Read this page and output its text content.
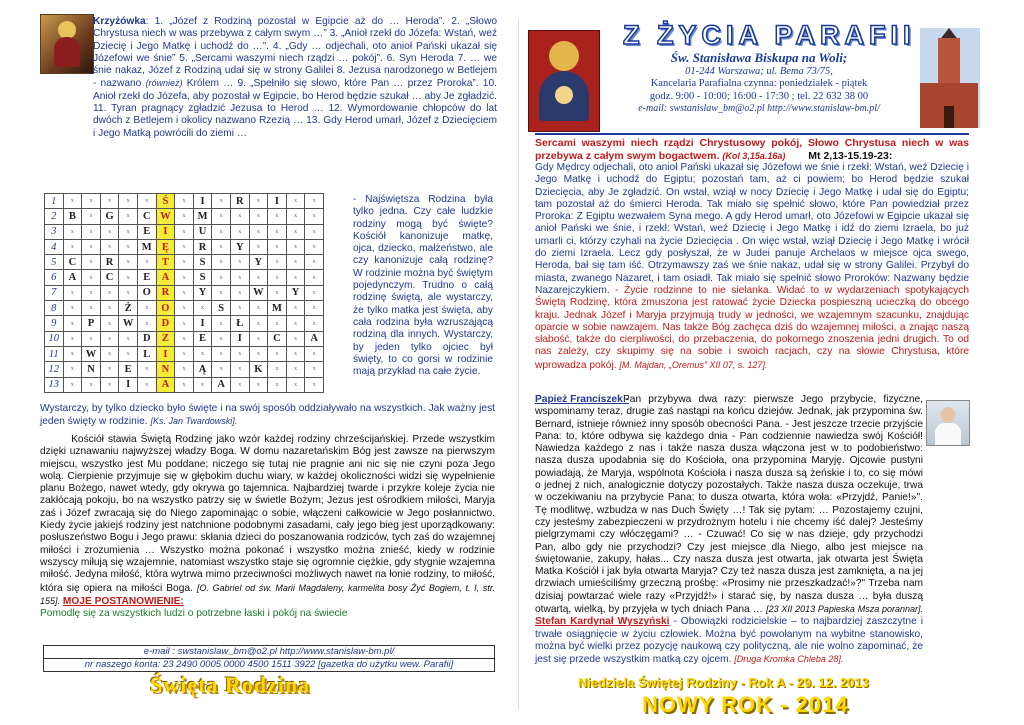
Krzyżówka: 1. „Józef z Rodziną pozostał w Egipcie aż do … Heroda”. 2. „Słowo Chrystusa niech w was przebywa z całym swym …” 3. „Anioł rzekł do Józefa: Wstań, weź Dziecię i Jego Matkę i uchodź do …”. 4. „Gdy … odjechali, oto anioł Pański ukazał się Józefowi we śnie” 5. „Sercami waszymi niech rządzi … pokój”. 6. Syn Heroda 7. … we śnie nakaz, Józef z Rodziną udał się w strony Galilei 8. Jezusa narodzonego w Betlejem - nazwano (również) Królem … 9. „Spełniło się słowo, które Pan … przez Proroka”. 10. Anioł rzekł do Józefa, aby pozostał w Egipcie, bo Herod będzie szukał … aby Je zgładzić. 11. Tyran pragnący zgładzić Jezusa to Herod … 12. Wymordowanie chłopców do lat dwóch z Betlejem i okolicy nazwano Rzezią … 13. Gdy Herod umarł, Józef z Dziecięciem i Jego Matką powrócili do ziemi …
1	x	x	x	x	x	Ś	x	I	x	R	x	I	x	x
2	B	x	G	x	C	W	x	M	x	x	x	x	x	x
3	x	x	x	x	E	I	x	U	x	x	x	x	x	x
4	x	x	x	x	M	Ę	x	R	x	Y	x	x	x	x
5	C	x	R	x	x	T	x	S	x	x	Y	x	x	x
6	A	x	C	x	E	A	x	S	x	x	x	x	x	x
7	x	x	x	x	O	R	x	Y	x	x	W	x	Y	x
8	x	x	x	Ż	x	O	x	x	S	x	x	M	x	x
9	x	P	x	W	x	D	x	I	x	Ł	x	x	x	x
10	x	x	x	x	D	Z	x	E	x	I	x	C	x	A
11	x	W	x	x	L	I	x	x	x	x	x	x	x	x
12	x	N	x	E	x	N	x	Ą	x	x	K	x	x	x
13	x	x	x	I	x	A	x	x	A	x	x	x	x	x
- Najświętsza Rodzina była tylko jedna. Czy całe ludzkie rodziny mogą być święte? Kościół kanonizuje matkę, ojca, dziecko, małżeństwo, ale czy kanonizuje całą rodzinę? W rodzinie można być świętym pojedynczym. Trudno o całą rodzinę świętą, ale wystarczy, że tylko matka jest święta, aby cała rodzina była wzruszającą rodziną dla innych. Wystarczy, by jeden tylko ojciec był święty, to co gorsi w rodzinie mają przykład na całe życie.
Wystarczy, by tylko dziecko było święte i na swój sposób oddziaływało na wszystkich. Jak ważny jest jeden święty w rodzinie. [Ks. Jan Twardowski].
Kościół stawia Świętą Rodzinę jako wzór każdej rodziny chrześcijańskiej. Przede wszystkim dzięki uznawaniu najwyższej władzy Boga. W domu nazaretańskim Bóg jest zawsze na pierwszym miejscu, wszystko jest Mu poddane; niczego się tutaj nie pragnie ani nic się nie czyni poza Jego wolą. Cierpienie przyjmuje się w głębokim duchu wiary, w każdej okoliczności widzi się wypełnienie planu Bożego, nawet wtedy, gdy okrywa go tajemnica. Najbardziej twarde i przykre koleje życia nie zakłócają pokoju, bo na wszystko patrzy się w świetle Bożym; Jezus jest ośrodkiem miłości, Maryja zaś i Józef zwracają się do Niego zapominając o sobie, włączeni całkowicie w Jego posłannictwo. Kiedy życie jakiejś rodziny jest natchnione podobnymi zasadami, cały jego bieg jest uporządkowany: posłuszeństwo Bogu i Jego prawu: skłania dzieci do poszanowania rodziców, tych zaś do wzajemnej miłości i zrozumienia … Wszystko można pokonać i wszystko można znieść, kiedy w rodzinie wszyscy miłują się wzajemnie, natomiast wszystko staje się ogromnie ciężkie, gdy stygnie wzajemna miłość. Jedyna miłość, która wytrwa mimo przeciwności możliwych nawet na łonie rodziny, to miłość, która się opiera na miłości Boga. [O. Gabriel od św. Marii Magdaleny, karmelita bosy Żyć Bogiem, t. I, str. 155]. MOJE POSTANOWIENIE:
Pomodlę się za wszystkich ludzi o potrzebne łaski i pokój na świecie
e-mail : swstanislaw_bm@o2.pl http://www.stanislaw-bm.pl/
nr naszego konta: 23 2490 0005 0000 4500 1511 3922 [gazetka do użytku wew. Parafii]
Święta Rodzina
Z ŻYCIA PARAFII
Św. Stanisława Biskupa na Woli;
01-244 Warszawa; ul. Bema 73/75,
Kancelaria Parafialna czynna: poniedziałek - piątek
godz. 9:00 - 10:00; 16:00 - 17:30 ; tel. 22 632 38 00
e-mail: swstanislaw_bm@o2.pl http://www.stanislaw-bm.pl/
Sercami waszymi niech rządzi Chrystusowy pokój, Słowo Chrystusa niech w was przebywa z całym swym bogactwem. (Kol 3,15a.16a) Mt 2,13-15.19-23:
Gdy Mędrcy odjechali, oto anioł Pański ukazał się Józefowi we śnie i rzekł: Wstań, weź Dziecię i Jego Matkę i uchodź do Egiptu; pozostań tam, aż ci powiem; bo Herod będzie szukał Dziecięcia, aby Je zgładzić. On wstał, wziął w nocy Dziecię i Jego Matkę i udał się do Egiptu; tam pozostał aż do śmierci Heroda. Tak miało się spełnić słowo, które Pan powiedział przez Proroka: Z Egiptu wezwałem Syna mego. A gdy Herod umarł, oto Józefowi w Egipcie ukazał się anioł Pański we śnie, i rzekł: Wstań, weź Dziecię i Jego Matkę i idź do ziemi Izraela, bo już umarli ci, którzy czyhali na życie Dziecięcia . On więc wstał, wziął Dziecię i Jego Matkę i wrócił do ziemi Izraela. Lecz gdy posłyszał, że w Judei panuje Archelaos w miejsce ojca swego, Heroda, bał się tam iść. Otrzymawszy zaś we śnie nakaz, udał się w strony Galilei. Przybył do miasta, zwanego Nazaret, i tam osiadł. Tak miało się spełnić słowo Proroków: Nazwany będzie Nazarejczykiem. - Życie rodzinne to nie sielanka. Widać to w wydarzeniach spotykających Świętą Rodzinę, która zmuszona jest ratować życie Dziecka pospieszną ucieczką do obcego kraju. Jednak Józef i Maryja przyjmują trudy w jedności, we wzajemnym szacunku, znajdując oparcie w sobie nawzajem. Nas także Bóg zachęca dziś do wzajemnej miłości, a znając naszą słabość, także do cierpliwości, do przebaczenia, do pokornego znoszenia jedni drugich. To od nas zależy, czy skupimy się na sobie i swoich racjach, czy na słowie Chrystusa, które wprowadza pokój. [M. Majdan, „Oremus” XII 07, s. 127].
Papież Franciszek -
Pan przybywa dwa razy: pierwsze Jego przybycie, fizyczne, wspominamy teraz, drugie zaś nastąpi na końcu dziejów. Jednak, jak przypomina św. Bernard, istnieje również inny sposób obecności Pana. - Jest jeszcze trzecie przyjście Pana: to, które odbywa się każdego dnia - Pan codziennie nawiedza swój Kościół! Nawiedza każdego z nas i także nasza dusza włączona jest w to podobieństwo: nasza dusza upodabnia się do Kościoła, ona przypomina Maryję. Ojcowie pustyni powiadają, że Maryja, wspólnota Kościoła i nasza dusza są żeńskie i to, co się mówi o jednej z nich, analogicznie dotyczy pozostałych. Także nasza dusza oczekuje, trwa w oczekiwaniu na przybycie Pana; to dusza otwarta, która woła: «Przyjdź, Panie!»". Tę modlitwę, wzbudza w nas Duch Święty …! Tak się pytam: … Pozostajemy czujni, czy jesteśmy zabezpieczeni w przydrożnym hotelu i nie chcemy iść dalej? Jesteśmy pielgrzymami czy włóczęgami? … - Czuwać! Co się w nas dzieje, gdy przychodzi Pan, albo gdy nie przychodzi? Czy jest miejsce dla Niego, albo jest miejsce na świętowanie, zakupy, hałas... Czy nasza dusza jest otwarta, jak otwarta jest Święta Matka Kościół i jak była otwarta Maryja? Czy też nasza dusza jest zamknięta, a na jej drzwiach umieściliśmy grzeczną prośbę: «Prosimy nie przeszkadzać!»?" Trzeba nam dzisiaj powtarzać wiele razy «Przyjdź!» i starać się, by nasza dusza … była duszą otwartą, wielką, by przyjęła w tych dniach Pana … [23 XII 2013 Papieska Msza porannar]. Stefan Kardynał Wyszyński - Obowiązki rodzicielskie – to najbardziej zaszczytne i trwałe osiągnięcie w życiu człowiek. Można być powołanym na wybitne stanowisko, można być wielki przez pozycję naukową czy polityczną, ale nie wolno zapominać, że jest się przede wszystkim matką czy ojcem. [Druga Kromka Chleba 28].
Niedziela Świętej Rodziny - Rok A - 29. 12. 2013
NOWY ROK - 2014
